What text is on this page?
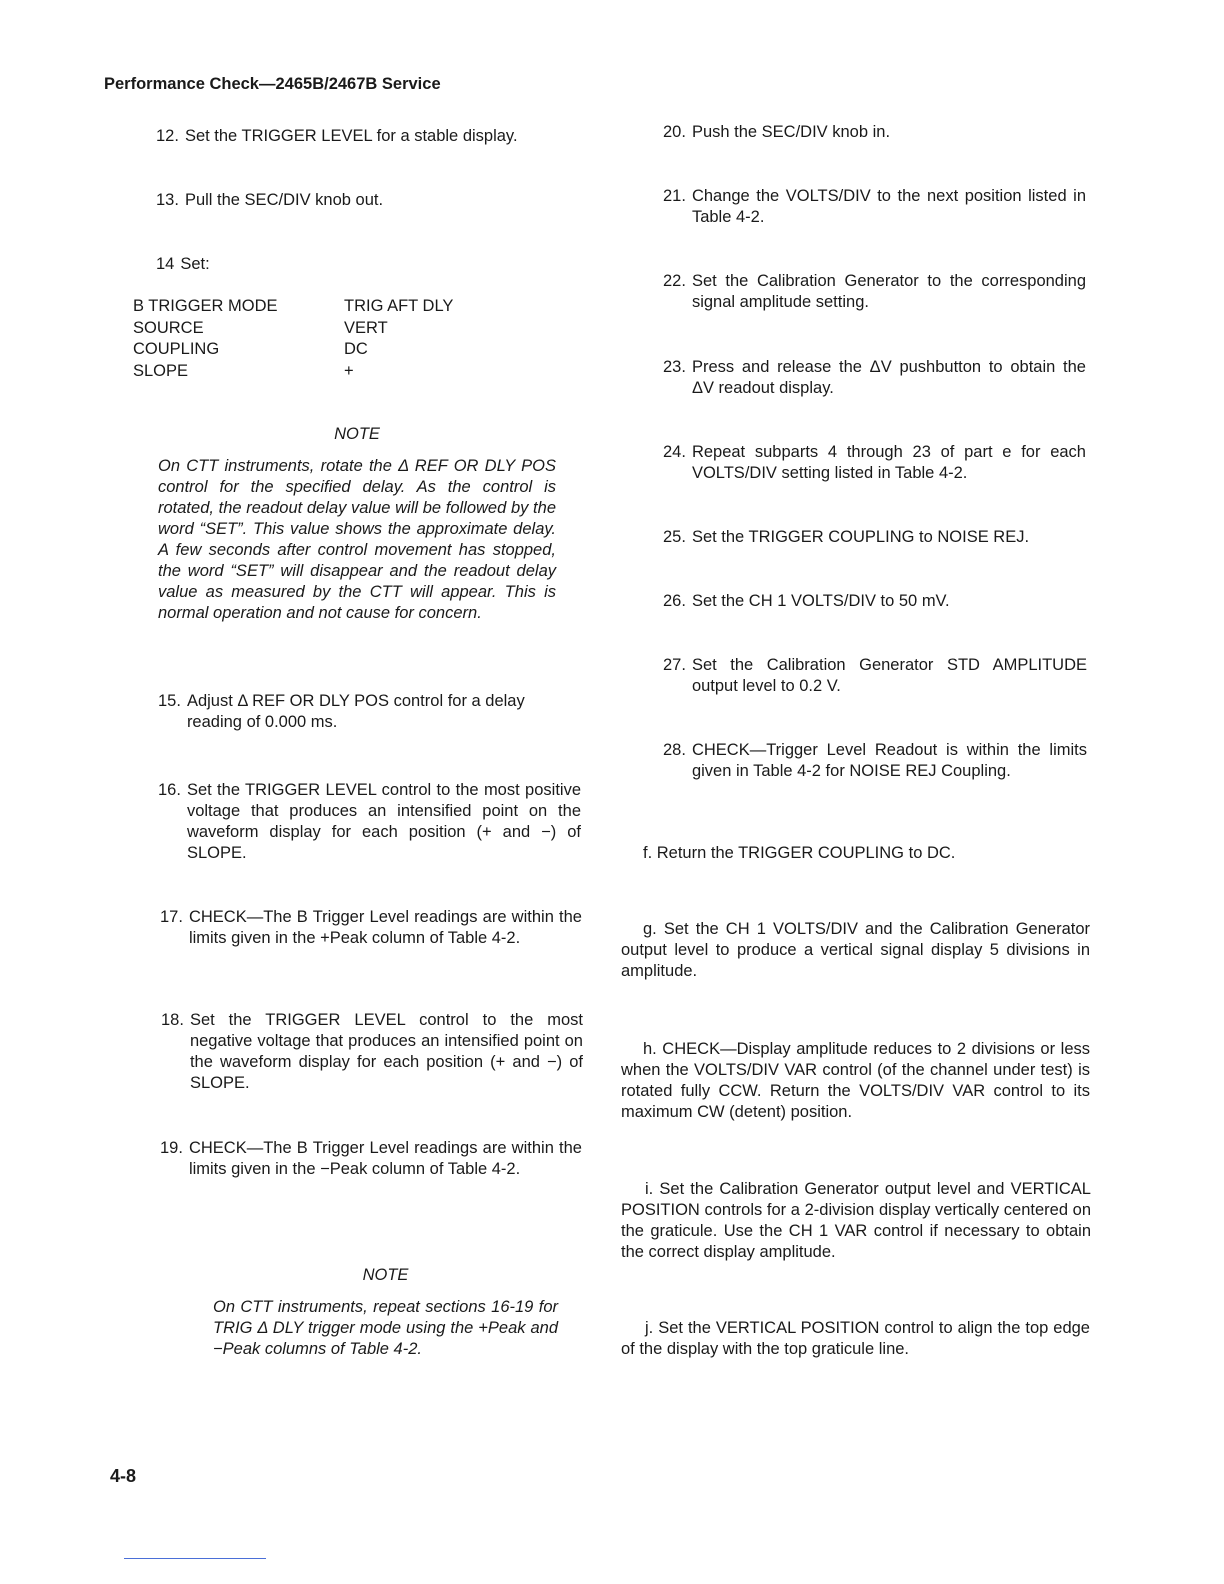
Performance Check—2465B/2467B Service
12. Set the TRIGGER LEVEL for a stable display.
13. Pull the SEC/DIV knob out.
14 Set:
B TRIGGER MODE	TRIG AFT DLY
SOURCE	VERT
COUPLING	DC
SLOPE	+
NOTE
On CTT instruments, rotate the Δ REF OR DLY POS control for the specified delay. As the control is rotated, the readout delay value will be followed by the word “SET”. This value shows the approximate delay. A few seconds after control movement has stopped, the word “SET” will disappear and the readout delay value as measured by the CTT will appear. This is normal operation and not cause for concern.
15. Adjust Δ REF OR DLY POS control for a delay reading of 0.000 ms.
16. Set the TRIGGER LEVEL control to the most positive voltage that produces an intensified point on the waveform display for each position (+ and −) of SLOPE.
17. CHECK—The B Trigger Level readings are within the limits given in the +Peak column of Table 4-2.
18. Set the TRIGGER LEVEL control to the most negative voltage that produces an intensified point on the waveform display for each position (+ and −) of SLOPE.
19. CHECK—The B Trigger Level readings are within the limits given in the −Peak column of Table 4-2.
NOTE
On CTT instruments, repeat sections 16-19 for TRIG Δ DLY trigger mode using the +Peak and −Peak columns of Table 4-2.
20. Push the SEC/DIV knob in.
21. Change the VOLTS/DIV to the next position listed in Table 4-2.
22. Set the Calibration Generator to the corresponding signal amplitude setting.
23. Press and release the ΔV pushbutton to obtain the ΔV readout display.
24. Repeat subparts 4 through 23 of part e for each VOLTS/DIV setting listed in Table 4-2.
25. Set the TRIGGER COUPLING to NOISE REJ.
26. Set the CH 1 VOLTS/DIV to 50 mV.
27. Set the Calibration Generator STD AMPLITUDE output level to 0.2 V.
28. CHECK—Trigger Level Readout is within the limits given in Table 4-2 for NOISE REJ Coupling.
f. Return the TRIGGER COUPLING to DC.
g. Set the CH 1 VOLTS/DIV and the Calibration Generator output level to produce a vertical signal display 5 divisions in amplitude.
h. CHECK—Display amplitude reduces to 2 divisions or less when the VOLTS/DIV VAR control (of the channel under test) is rotated fully CCW. Return the VOLTS/DIV VAR control to its maximum CW (detent) position.
i. Set the Calibration Generator output level and VERTICAL POSITION controls for a 2-division display vertically centered on the graticule. Use the CH 1 VAR control if necessary to obtain the correct display amplitude.
j. Set the VERTICAL POSITION control to align the top edge of the display with the top graticule line.
4-8
